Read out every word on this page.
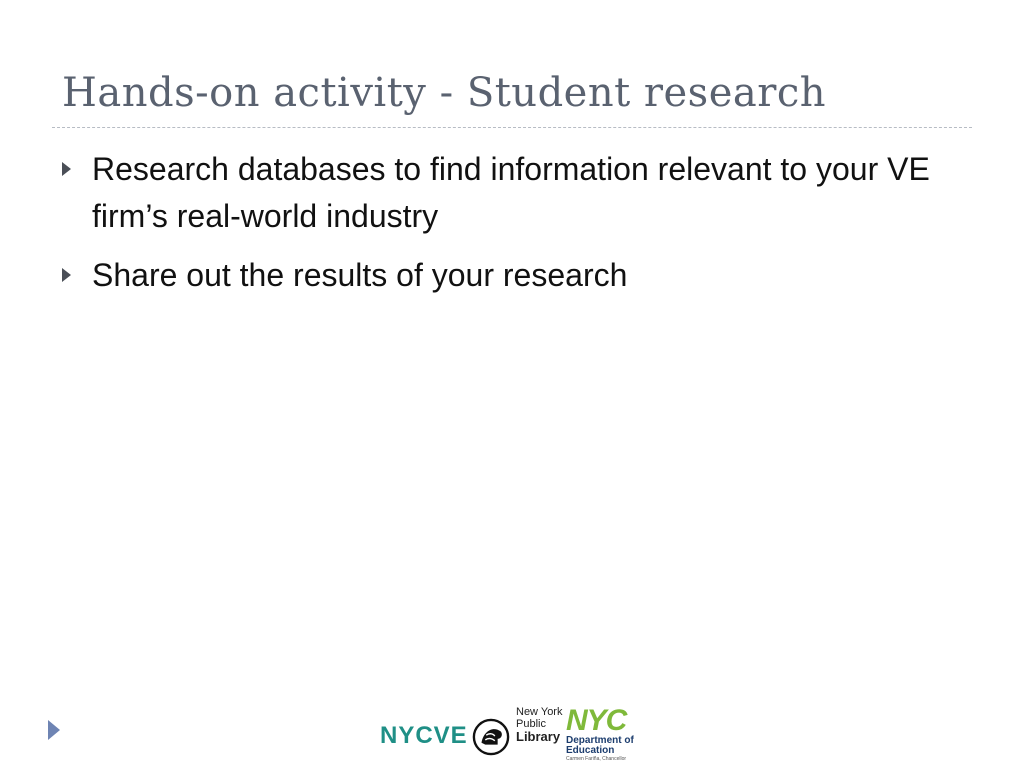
Hands-on activity - Student research
Research databases to find information relevant to your VE firm’s real-world industry
Share out the results of your research
NYCVE
New York
Public
Library NYC
Department of
Education
Carmen Fariña, Chancellor
